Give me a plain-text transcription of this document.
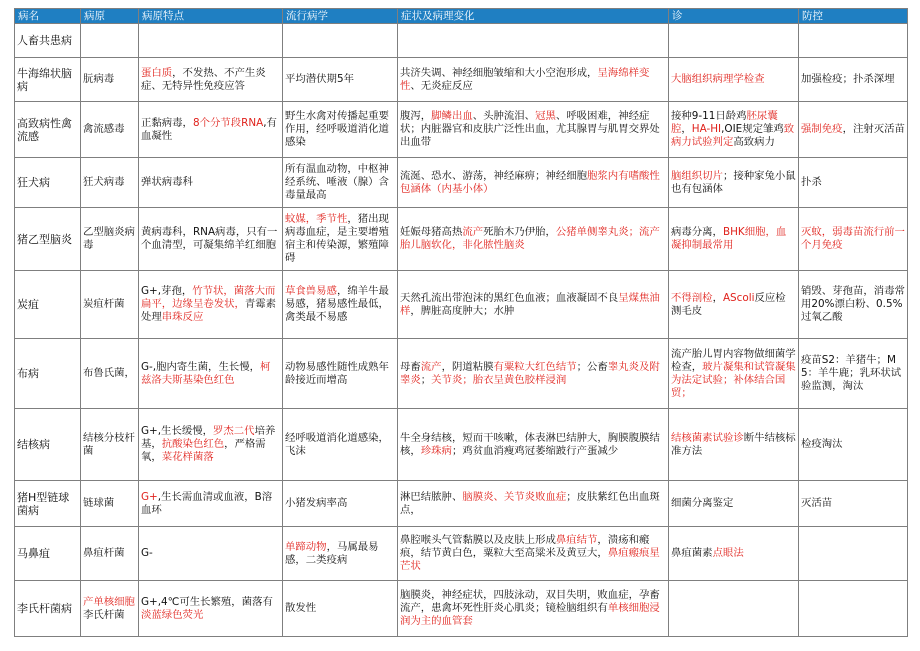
病名	病原	病原特点	流行病学	症状及病理变化	诊	防控
人畜共患病						
牛海绵状脑病	朊病毒	蛋白质，不发热、不产生炎症、无特异性免疫应答	平均潜伏期5年	共济失调、神经细胞皱缩和大小空泡形成，呈海绵样变性、无炎症反应	大脑组织病理学检查	加强检疫；扑杀深埋
高致病性禽流感	禽流感毒	正黏病毒，8个分节段RNA,有血凝性	野生水禽对传播起重要作用，经呼吸道消化道感染	腹泻，脚鳞出血、头肿流泪、冠黑、呼吸困难，神经症状；内脏器官和皮肤广泛性出血，尤其腺胃与肌胃交界处出血带	接种9-11日龄鸡胚尿囊腔，HA-HI,OIE规定雏鸡致病力试验判定高致病力	强制免疫，注射灭活苗
狂犬病	狂犬病毒	弹状病毒科	所有温血动物，中枢神经系统、唾液（腺）含毒量最高	流涎、恐水、游荡，神经麻痹；神经细胞胞浆内有嗜酸性包涵体（内基小体）	脑组织切片；接种家兔小鼠也有包涵体	扑杀
猪乙型脑炎	乙型脑炎病毒	黄病毒科，RNA病毒，只有一个血清型，可凝集绵羊红细胞	蚊媒，季节性，猪出现病毒血症，是主要增殖宿主和传染源，繁殖障碍	妊娠母猪高热流产死胎木乃伊胎，公猪单侧睾丸炎；流产胎儿脑软化，非化脓性脑炎	病毒分离，BHK细胞，血凝抑制最常用	灭蚊，弱毒苗流行前一个月免疫
炭疽	炭疽杆菌	G+,芽孢，竹节状，菌落大而扁平，边缘呈卷发状，青霉素处理串珠反应	草食兽易感，绵羊牛最易感，猪易感性最低，禽类最不易感	天然孔流出带泡沫的黑红色血液；血液凝固不良呈煤焦油样，脾脏高度肿大；水肿	不得剖检，AScoli反应检测毛皮	销毁、芽孢苗，消毒常用20%漂白粉、0.5%过氧乙酸
布病	布鲁氏菌，	G-,胞内寄生菌，生长慢，柯兹洛夫斯基染色红色	动物易感性随性成熟年龄接近而增高	母畜流产，阴道粘膜有粟粒大红色结节；公畜睾丸炎及附睾炎；关节炎；胎衣呈黄色胶样浸润	流产胎儿胃内容物做细菌学检查，玻片凝集和试管凝集为法定试验；补体结合国贸；	疫苗S2：羊猪牛；M5：羊牛鹿；乳环状试验监测，淘汰
结核病	结核分枝杆菌	G+,生长缓慢，罗杰二代培养基，抗酸染色红色，严格需氧，菜花样菌落	经呼吸道消化道感染，飞沫	牛全身结核，短而干咳嗽，体表淋巴结肿大，胸膜腹膜结核，珍珠病；鸡贫血消瘦鸡冠萎缩跛行产蛋减少	结核菌素试验诊断牛结核标准方法	检疫淘汰
猪H型链球菌病	链球菌	G+,生长需血清或血液，B溶血环	小猪发病率高	淋巴结脓肿、脑膜炎、关节炎败血症；皮肤紫红色出血斑点，	细菌分离鉴定	灭活苗
马鼻疽	鼻疽杆菌	G-	单蹄动物，马属最易感，二类疫病	鼻腔喉头气管黏膜以及皮肤上形成鼻疽结节，溃疡和瘢痕，结节黄白色，粟粒大至高粱米及黄豆大，鼻疽瘢痕星芒状	鼻疽菌素点眼法	
李氏杆菌病	产单核细胞李氏杆菌	G+,4℃可生长繁殖，菌落有淡蓝绿色荧光	散发性	脑膜炎，神经症状，四肢泳动，双目失明，败血症，孕畜流产，患禽坏死性肝炎心肌炎；镜检脑组织有单核细胞浸润为主的血管套		
